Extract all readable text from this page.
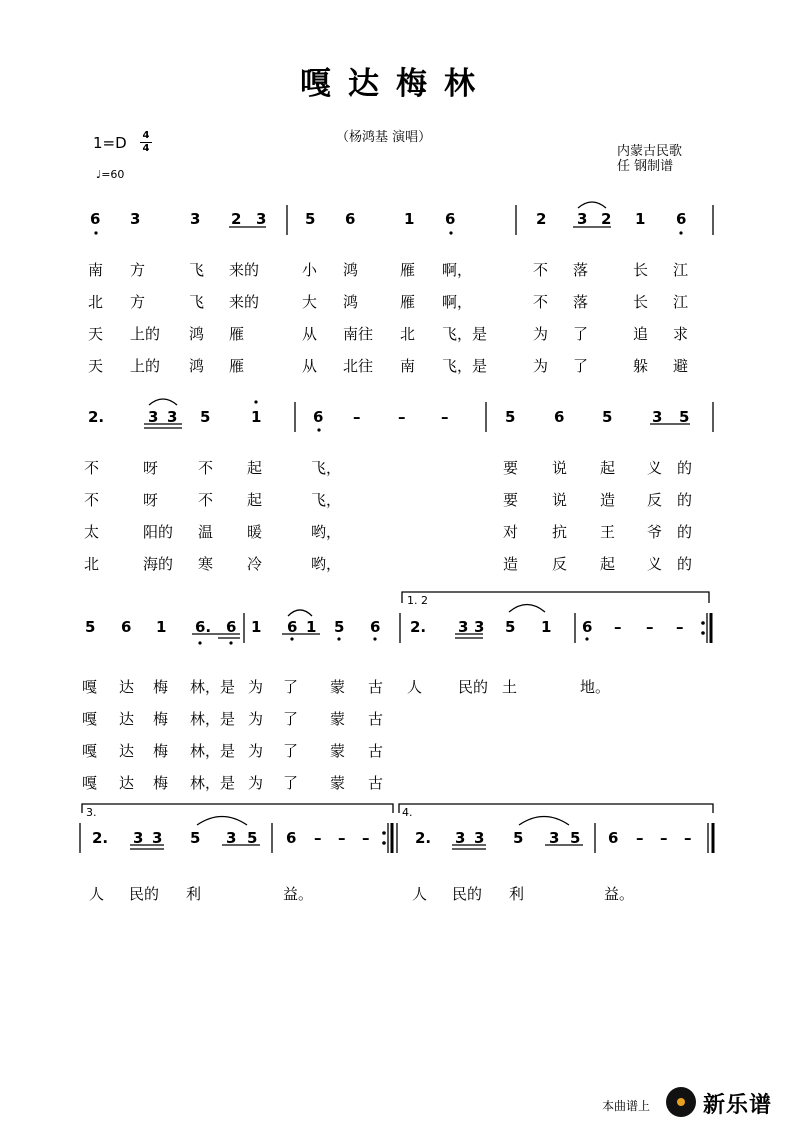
嘎达梅林
（杨鸿基 演唱）
1=D 4
4
♩=60
内蒙古民歌
任 钢制谱
6 3	3 2 3	5 6	1 6	2 3 2 1 6
南 方	飞 来的	小 鸿	雁 啊，	不 落	长 江
北 方	飞 来的	大 鸿	雁 啊，	不 落	长 江
天 上的 鸿 雁	从 南往 北 飞，是	为 了	追 求
天 上的 鸿 雁	从 北往 南 飞，是	为 了	躲 避
2.	3 3 5	1	6 –	– –	5	6	5	3 5
不	呀	不 起	飞，	要 说 起 义 的
不	呀	不 起	飞，	要 说 造 反 的
太	阳的 温 暖	哟，	对 抗 王 爷 的
北	海的 寒 冷	哟，	造 反 起 义 的
1. 2
5 6 1 6. 6 1 6 1 5 6 2. 3 3 5 1 6 – – –
嘎 达 梅 林，是 为 了 蒙 古 人 民的 土	地。
嘎 达 梅 林，是 为 了 蒙 古
嘎 达 梅 林，是 为 了 蒙 古
嘎 达 梅 林，是 为 了 蒙 古
3.	4.
2. 3 3 5 3 5 6 – – –	2. 3 3 5 3 5 6 – – –
人 民的 利	益。	人 民的 利	益。
本曲谱上 新乐谱
